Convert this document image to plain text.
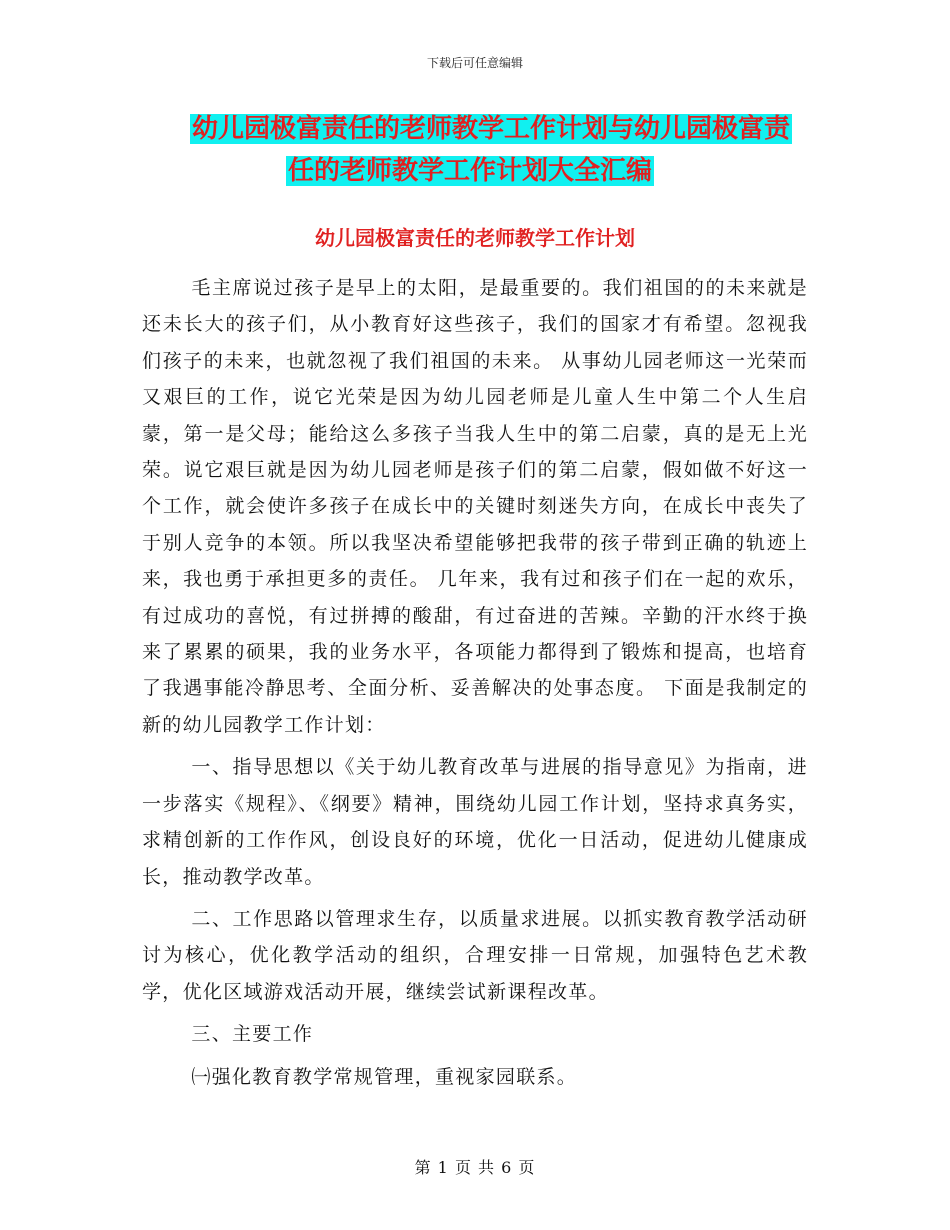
下载后可任意编辑
幼儿园极富责任的老师教学工作计划与幼儿园极富责
任的老师教学工作计划大全汇编
幼儿园极富责任的老师教学工作计划

毛主席说过孩子是早上的太阳，是最重要的。我们祖国的的未来就是还未长大的孩子们，从小教育好这些孩子，我们的国家才有希望。忽视我们孩子的未来，也就忽视了我们祖国的未来。 从事幼儿园老师这一光荣而又艰巨的工作，说它光荣是因为幼儿园老师是儿童人生中第二个人生启蒙，第一是父母；能给这么多孩子当我人生中的第二启蒙，真的是无上光荣。说它艰巨就是因为幼儿园老师是孩子们的第二启蒙，假如做不好这一个工作，就会使许多孩子在成长中的关键时刻迷失方向，在成长中丧失了于别人竞争的本领。所以我坚决希望能够把我带的孩子带到正确的轨迹上来，我也勇于承担更多的责任。 几年来，我有过和孩子们在一起的欢乐，有过成功的喜悦，有过拼搏的酸甜，有过奋进的苦辣。辛勤的汗水终于换来了累累的硕果，我的业务水平，各项能力都得到了锻炼和提高，也培育了我遇事能冷静思考、全面分析、妥善解决的处事态度。 下面是我制定的新的幼儿园教学工作计划：

一、指导思想以《关于幼儿教育改革与进展的指导意见》为指南，进一步落实《规程》、《纲要》精神，围绕幼儿园工作计划，坚持求真务实，求精创新的工作作风，创设良好的环境，优化一日活动，促进幼儿健康成长，推动教学改革。

二、工作思路以管理求生存，以质量求进展。以抓实教育教学活动研讨为核心，优化教学活动的组织，合理安排一日常规，加强特色艺术教学，优化区域游戏活动开展，继续尝试新课程改革。

三、主要工作

㈠强化教育教学常规管理，重视家园联系。

第 1 页 共 6 页
